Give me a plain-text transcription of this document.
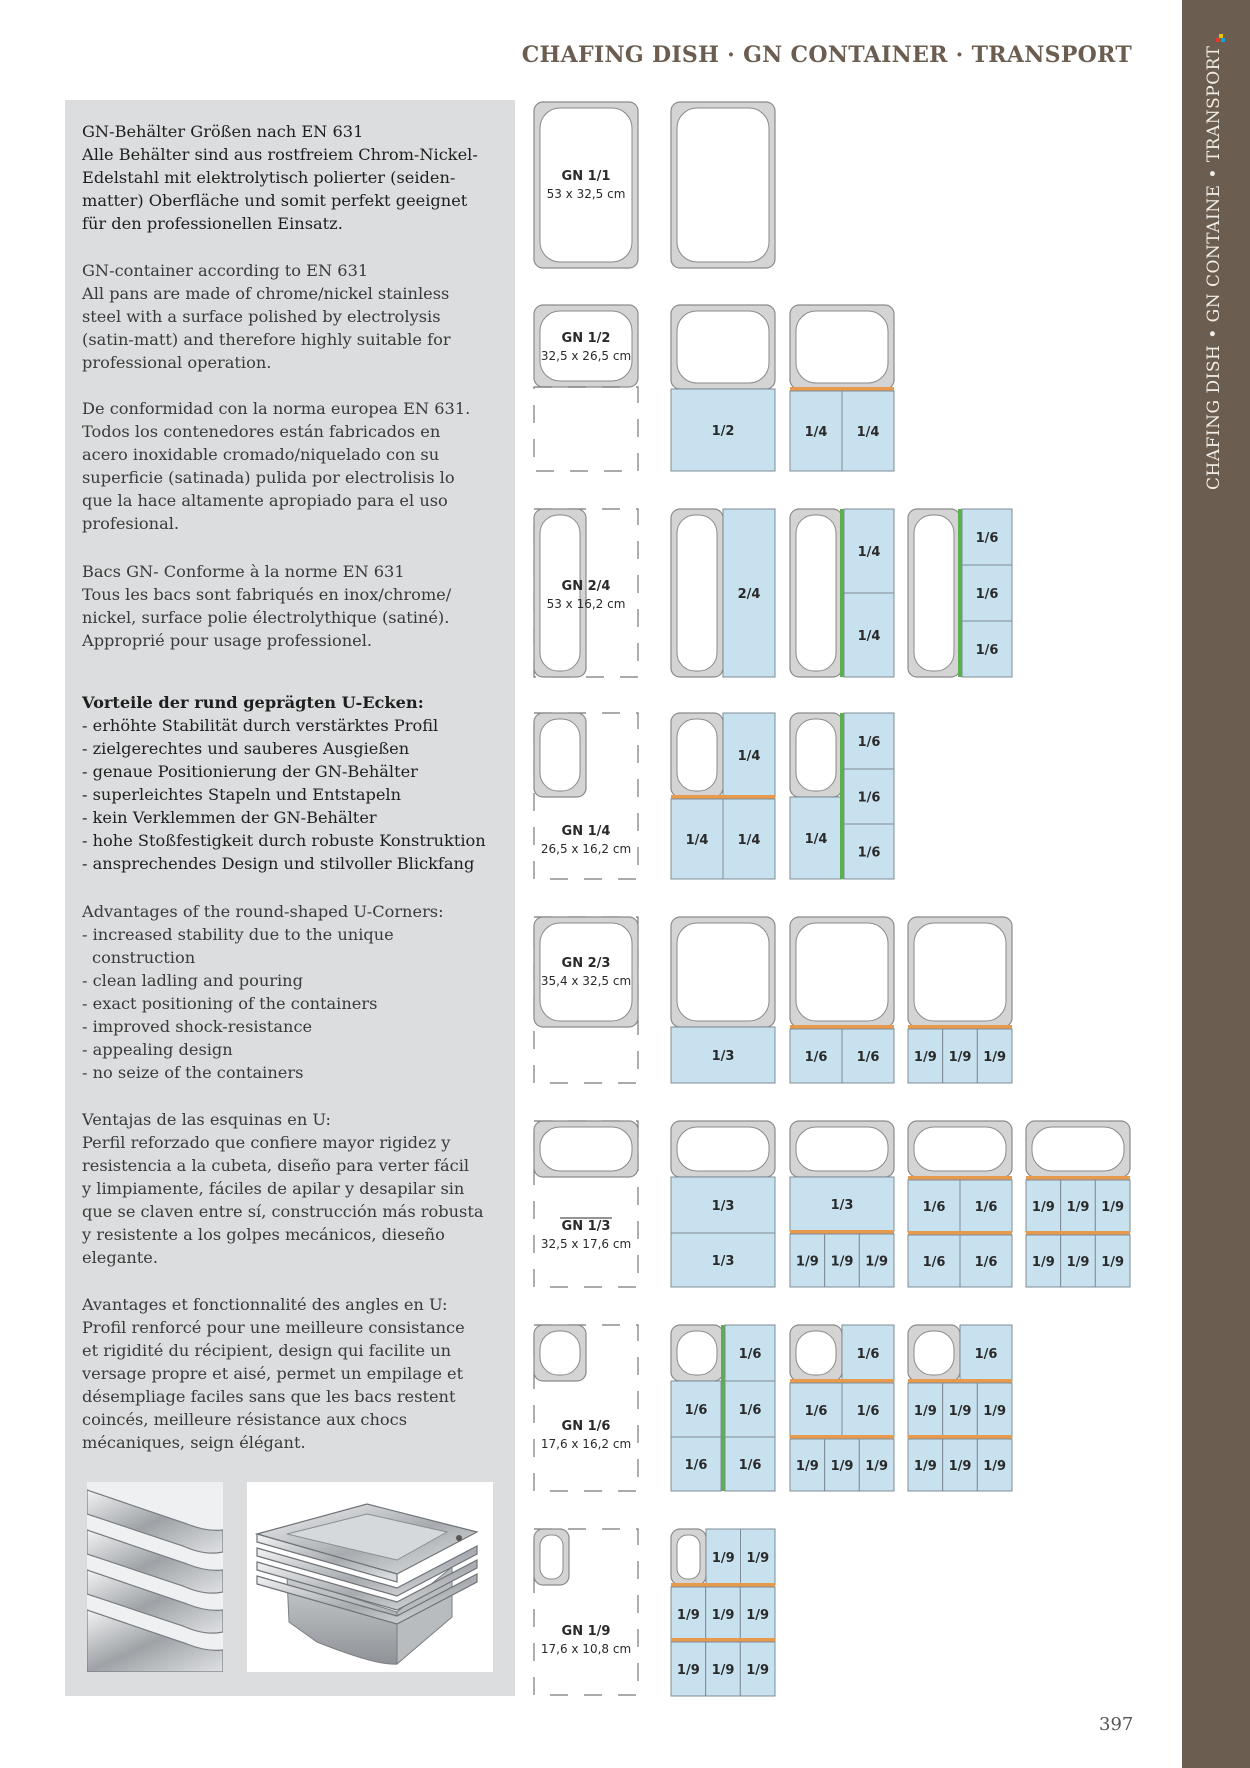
CHAFING DISH · GN CONTAINER · TRANSPORT	CHAFING DISH • GN CONTAINE • TRANSPORT
GN-Behälter Größen nach EN 631
Alle Behälter sind aus rostfreiem Chrom-Nickel-
Edelstahl mit elektrolytisch polierter (seiden-
matter) Oberfläche und somit perfekt geeignet
für den professionellen Einsatz.
GN-container according to EN 631
All pans are made of chrome/nickel stainless
steel with a surface polished by electrolysis
(satin-matt) and therefore highly suitable for
professional operation.
De conformidad con la norma europea EN 631.
Todos los contenedores están fabricados en
acero inoxidable cromado/niquelado con su
superficie (satinada) pulida por electrolisis lo
que la hace altamente apropiado para el uso
profesional.
Bacs GN- Conforme à la norme EN 631
Tous les bacs sont fabriqués en inox/chrome/
nickel, surface polie électrolythique (satiné).
Approprié pour usage professionel.
Vorteile der rund geprägten U-Ecken:
- erhöhte Stabilität durch verstärktes Profil
- zielgerechtes und sauberes Ausgießen
- genaue Positionierung der GN-Behälter
- superleichtes Stapeln und Entstapeln
- kein Verklemmen der GN-Behälter
- hohe Stoßfestigkeit durch robuste Konstruktion
- ansprechendes Design und stilvoller Blickfang
Advantages of the round-shaped U-Corners:
- increased stability due to the unique
construction
- clean ladling and pouring
- exact positioning of the containers
- improved shock-resistance
- appealing design
- no seize of the containers
Ventajas de las esquinas en U:
Perfil reforzado que confiere mayor rigidez y
resistencia a la cubeta, diseño para verter fácil
y limpiamente, fáciles de apilar y desapilar sin
que se claven entre sí, construcción más robusta
y resistente a los golpes mecánicos, dieseño
elegante.
Avantages et fonctionnalité des angles en U:
Profil renforcé pour une meilleure consistance
et rigidité du récipient, design qui facilite un
versage propre et aisé, permet un empilage et
désempliage faciles sans que les bacs restent
coincés, meilleure résistance aux chocs
mécaniques, seign élégant.
397
GN 1/1
53 x 32,5 cm
GN 1/2
32,5 x 26,5 cm
1/2	1/4 1/4
GN 2/4
53 x 16,2 cm
2/4
1/4
1/4
1/6
1/6
1/6
GN 1/4
26,5 x 16,2 cm
1/4
1/4 1/4	1/4
1/6
1/6
1/6
GN 2/3
35,4 x 32,5 cm
1/3	1/6 1/6	1/9 1/9 1/9
GN 1/3
32,5 x 17,6 cm
1/3
1/3
1/3
1/9 1/9 1/9
1/6 1/6
1/6 1/6
1/9 1/9 1/9
1/9 1/9 1/9
GN 1/6
17,6 x 16,2 cm
1/6
1/6 1/6
1/6 1/6
1/6
1/6 1/6
1/9 1/9 1/9
1/6
1/9 1/9 1/9
1/9 1/9 1/9
GN 1/9
17,6 x 10,8 cm
1/9 1/9
1/9 1/9 1/9
1/9 1/9 1/9
